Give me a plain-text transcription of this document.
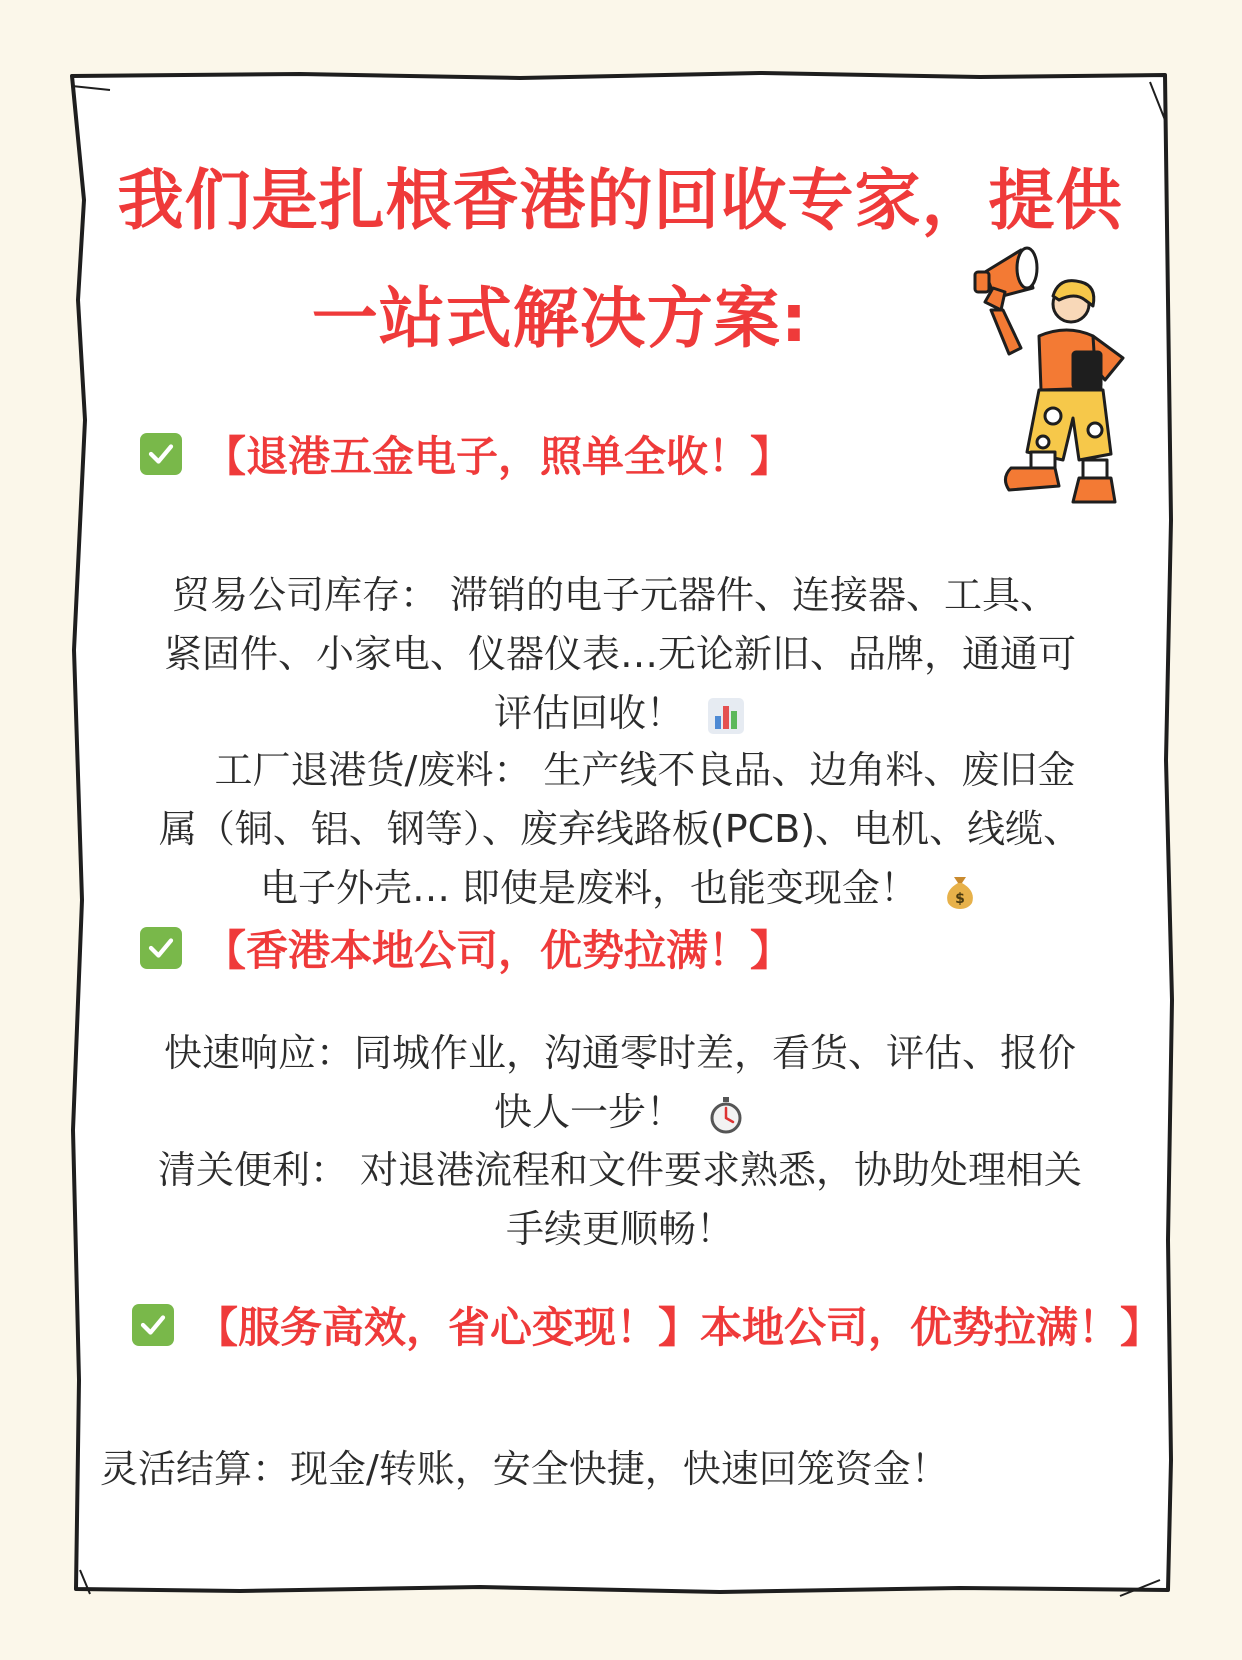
我们是扎根香港的回收专家，提供
一站式解决方案:
【退港五金电子，照单全收！】
贸易公司库存： 滞销的电子元器件、连接器、工具、
紧固件、小家电、仪器仪表…无论新旧、品牌，通通可
评估回收！
工厂退港货/废料： 生产线不良品、边角料、废旧金
属（铜、铝、钢等）、废弃线路板(PCB)、电机、线缆、
电子外壳… 即使是废料，也能变现金！	$
【香港本地公司，优势拉满！】
快速响应：同城作业，沟通零时差，看货、评估、报价
快人一步！
清关便利： 对退港流程和文件要求熟悉，协助处理相关
手续更顺畅！
【服务高效，省心变现！】本地公司，优势拉满！】
灵活结算：现金/转账，安全快捷，快速回笼资金！
